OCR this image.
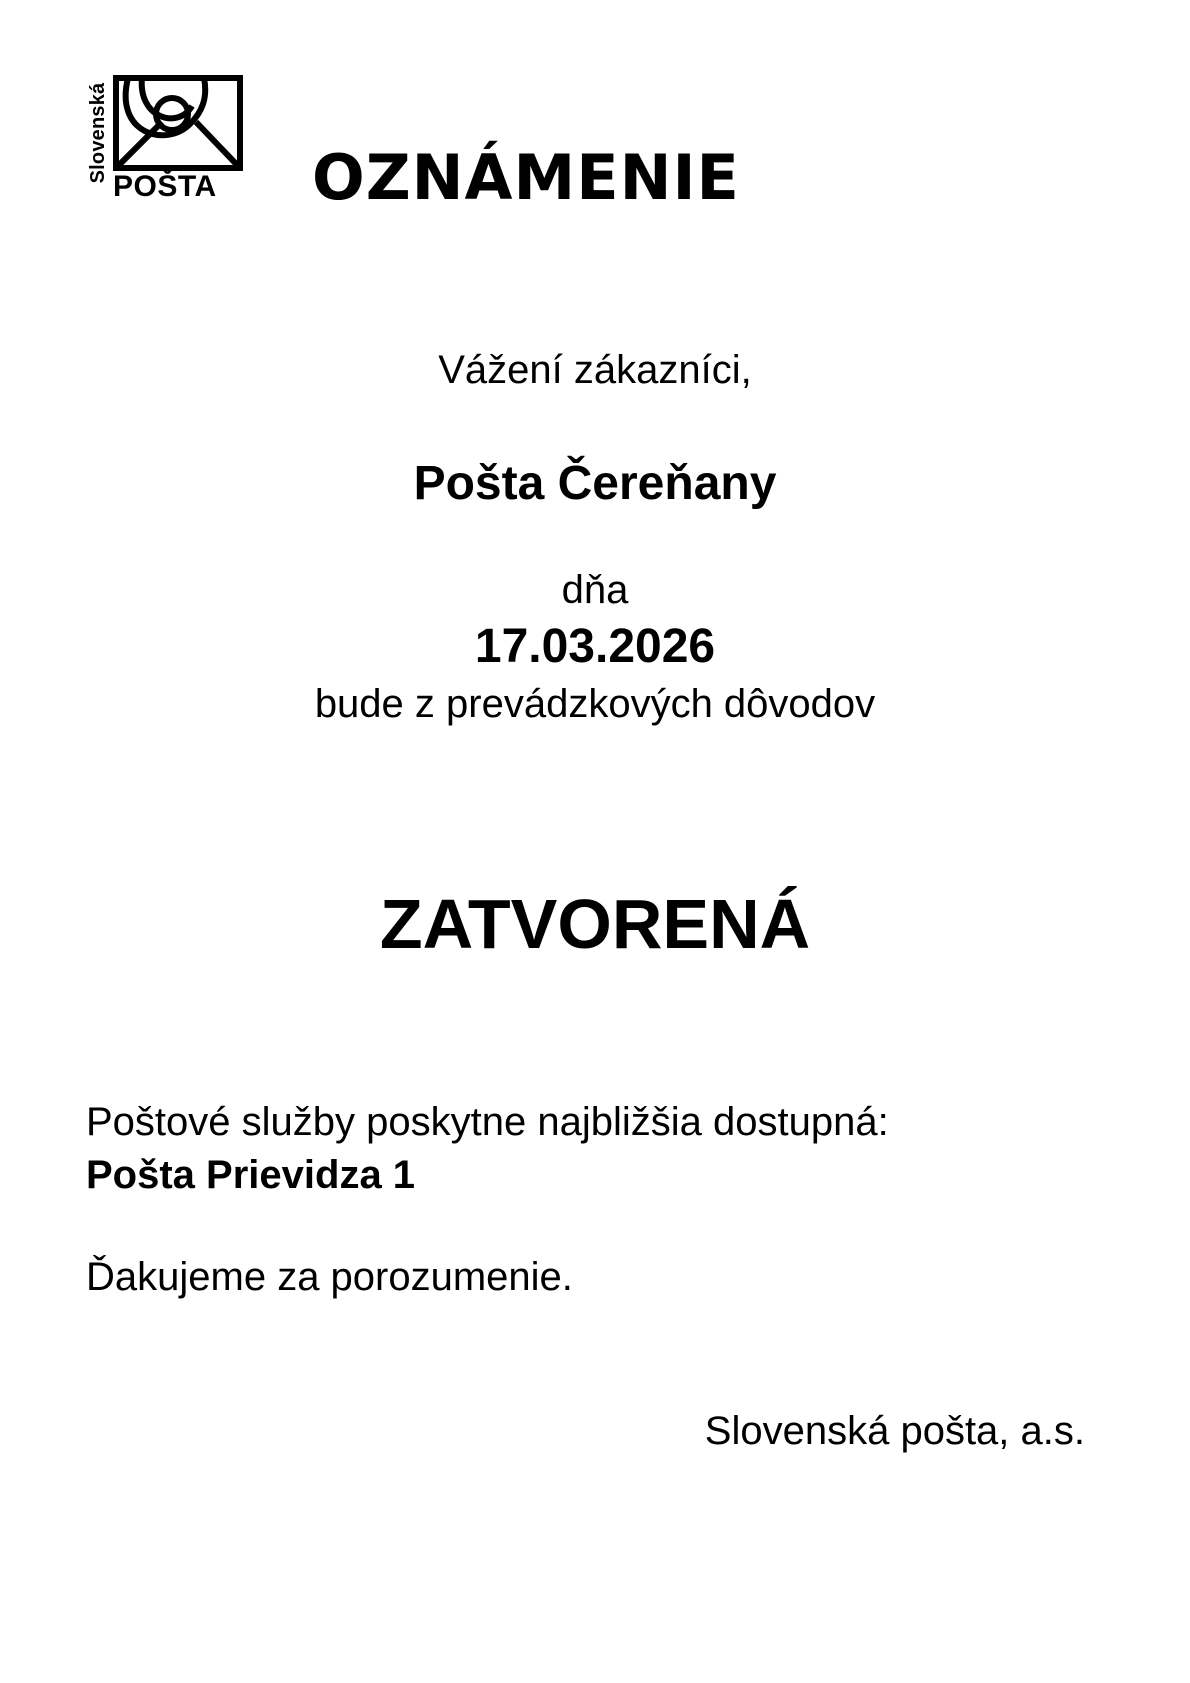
Slovenská
POŠTA	OZNÁMENIE

Vážení zákazníci,

Pošta Čereňany

dňa

17.03.2026

bude z prevádzkových dôvodov

ZATVORENÁ

Poštové služby poskytne najbližšia dostupná:

Pošta Prievidza 1

Ďakujeme za porozumenie.

Slovenská pošta, a.s.
